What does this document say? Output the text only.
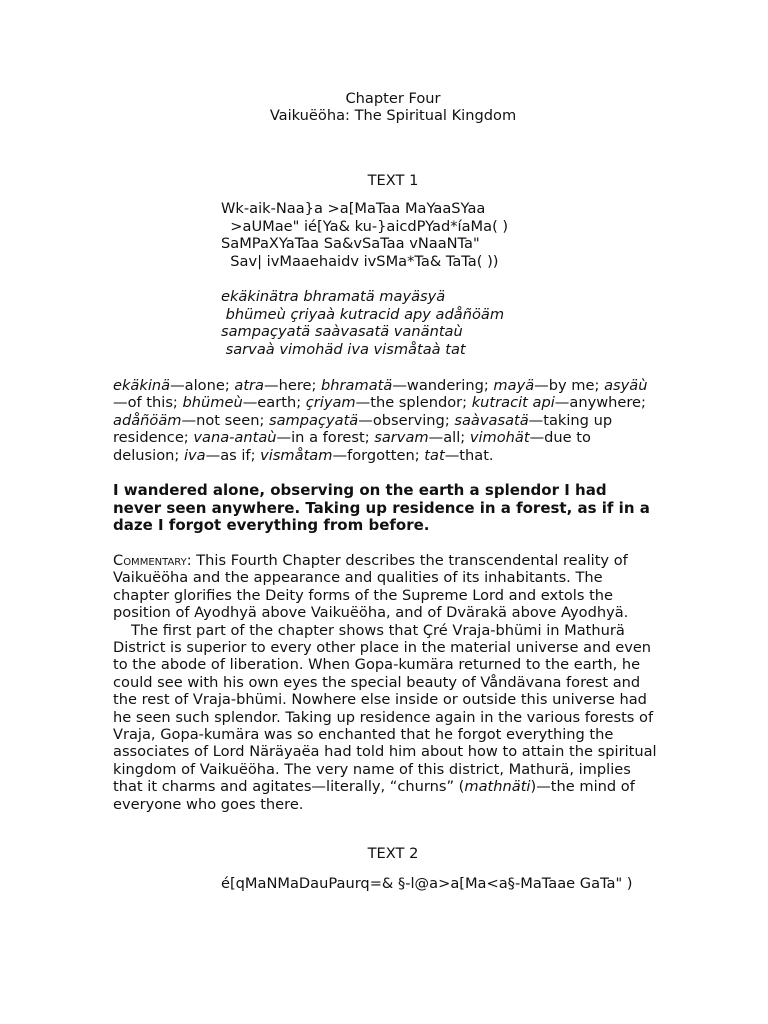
Chapter Four
Vaikuëöha: The Spiritual Kingdom
TEXT 1
Wk-aik-Naa}a >a[MaTaa MaYaaSYaa
>aUMae" ié[Ya& ku-}aicdPYad*íaMa( )
SaMPaXYaTaa Sa&vSaTaa vNaaNTa"
Sav| ivMaaehaidv ivSMa*Ta& TaTa( ))
ekäkinätra bhramatä mayäsyä
bhümeù çriyaà kutracid apy adåñöäm
sampaçyatä saàvasatä vanäntaù
sarvaà vimohäd iva vismåtaà tat
ekäkinä—alone; atra—here; bhramatä—wandering; mayä—by me; asyäù—of this; bhümeù—earth; çriyam—the splendor; kutracit api—anywhere; adåñöäm—not seen; sampaçyatä—observing; saàvasatä—taking up residence; vana-antaù—in a forest; sarvam—all; vimohät—due to delusion; iva—as if; vismåtam—forgotten; tat—that.
I wandered alone, observing on the earth a splendor I had never seen anywhere. Taking up residence in a forest, as if in a daze I forgot everything from before.

Commentary: This Fourth Chapter describes the transcendental reality of Vaikuëöha and the appearance and qualities of its inhabitants. The chapter glorifies the Deity forms of the Supreme Lord and extols the position of Ayodhyä above Vaikuëöha, and of Dvärakä above Ayodhyä.

The first part of the chapter shows that Çré Vraja-bhümi in Mathurä District is superior to every other place in the material universe and even to the abode of liberation. When Gopa-kumära returned to the earth, he could see with his own eyes the special beauty of Våndävana forest and the rest of Vraja-bhümi. Nowhere else inside or outside this universe had he seen such splendor. Taking up residence again in the various forests of Vraja, Gopa-kumära was so enchanted that he forgot everything the associates of Lord Näräyaëa had told him about how to attain the spiritual kingdom of Vaikuëöha. The very name of this district, Mathurä, implies that it charms and agitates—literally, “churns” (mathnäti)—the mind of everyone who goes there.

TEXT 2
é[qMaNMaDauPaurq=& §-l@a>a[Ma<a§-MaTaae GaTa" )
